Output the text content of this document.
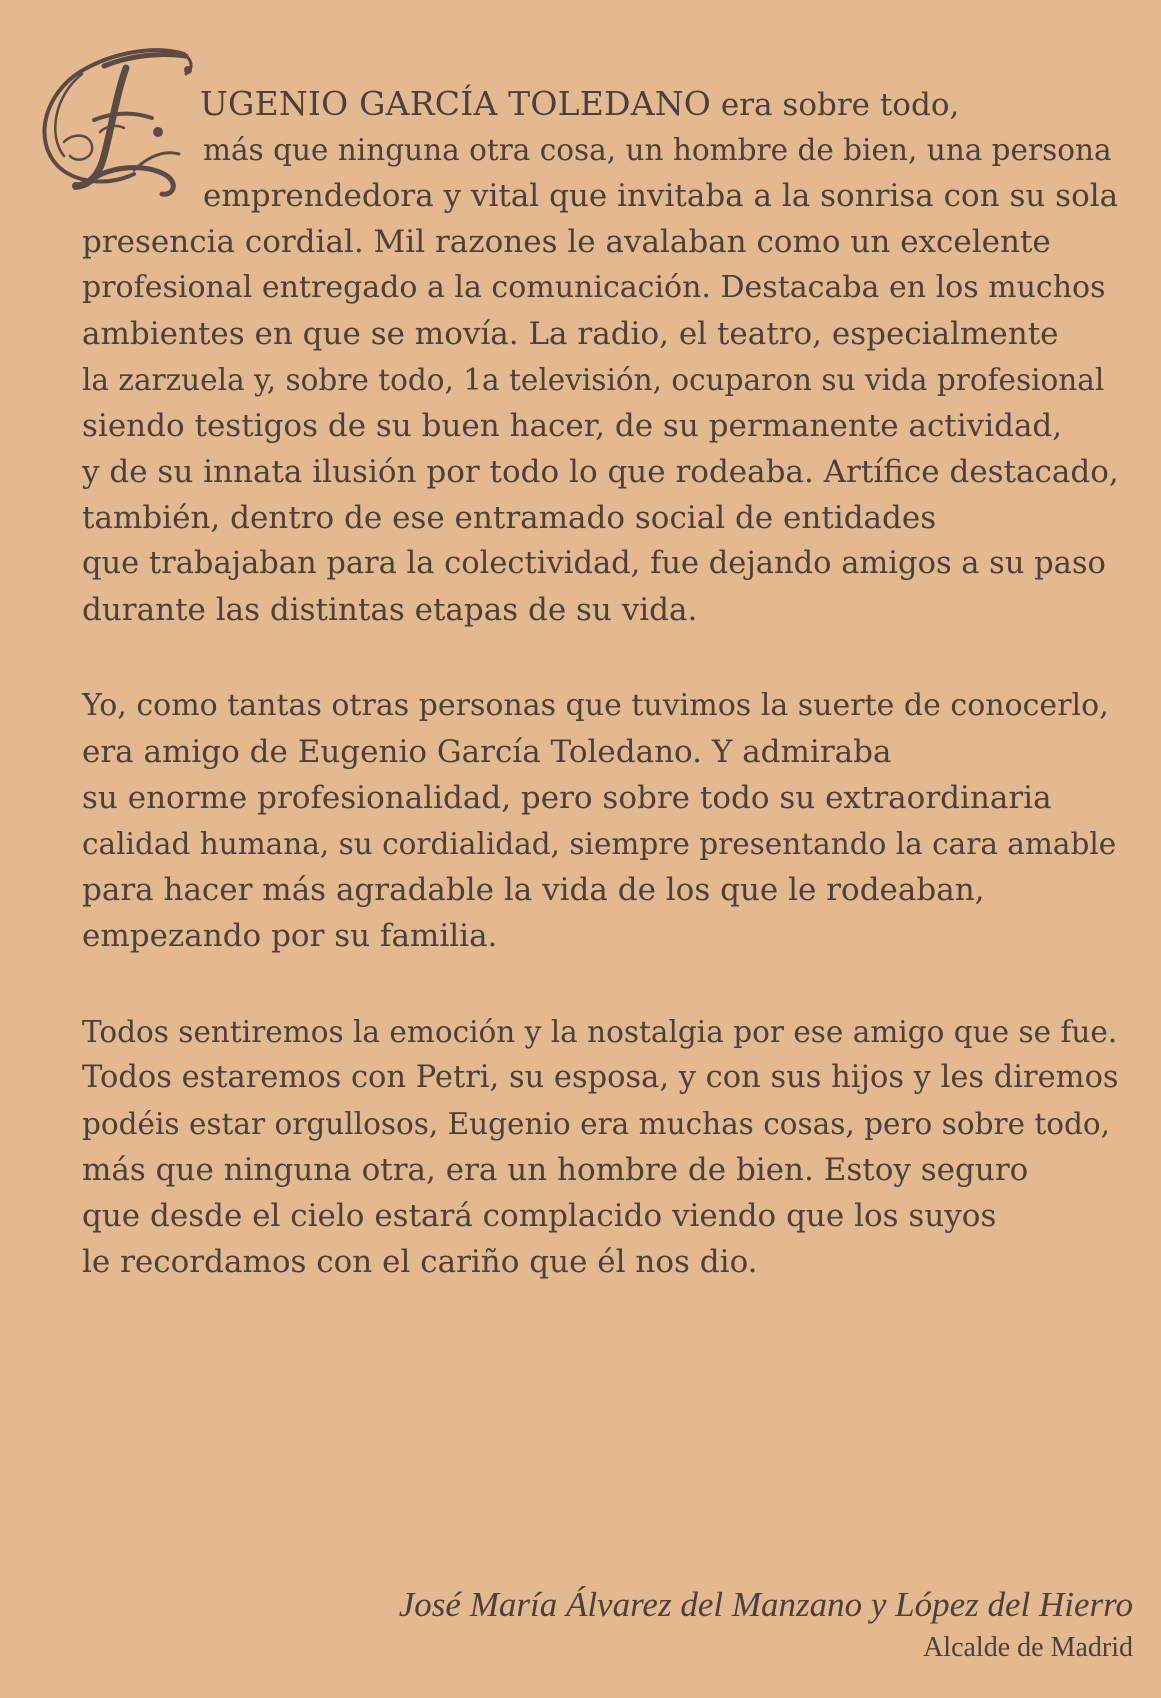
UGENIO GARCÍA TOLEDANO era sobre todo,
más que ninguna otra cosa, un hombre de bien, una persona
emprendedora y vital que invitaba a la sonrisa con su sola
presencia cordial. Mil razones le avalaban como un excelente
profesional entregado a la comunicación. Destacaba en los muchos
ambientes en que se movía. La radio, el teatro, especialmente
la zarzuela y, sobre todo, 1a televisión, ocuparon su vida profesional
siendo testigos de su buen hacer, de su permanente actividad,
y de su innata ilusión por todo lo que rodeaba. Artífice destacado,
también, dentro de ese entramado social de entidades
que trabajaban para la colectividad, fue dejando amigos a su paso
durante las distintas etapas de su vida.
Yo, como tantas otras personas que tuvimos la suerte de conocerlo,
era amigo de Eugenio García Toledano. Y admiraba
su enorme profesionalidad, pero sobre todo su extraordinaria
calidad humana, su cordialidad, siempre presentando la cara amable
para hacer más agradable la vida de los que le rodeaban,
empezando por su familia.
Todos sentiremos la emoción y la nostalgia por ese amigo que se fue.
Todos estaremos con Petri, su esposa, y con sus hijos y les diremos
podéis estar orgullosos, Eugenio era muchas cosas, pero sobre todo,
más que ninguna otra, era un hombre de bien. Estoy seguro
que desde el cielo estará complacido viendo que los suyos
le recordamos con el cariño que él nos dio.
José María Álvarez del Manzano y López del Hierro
Alcalde de Madrid
